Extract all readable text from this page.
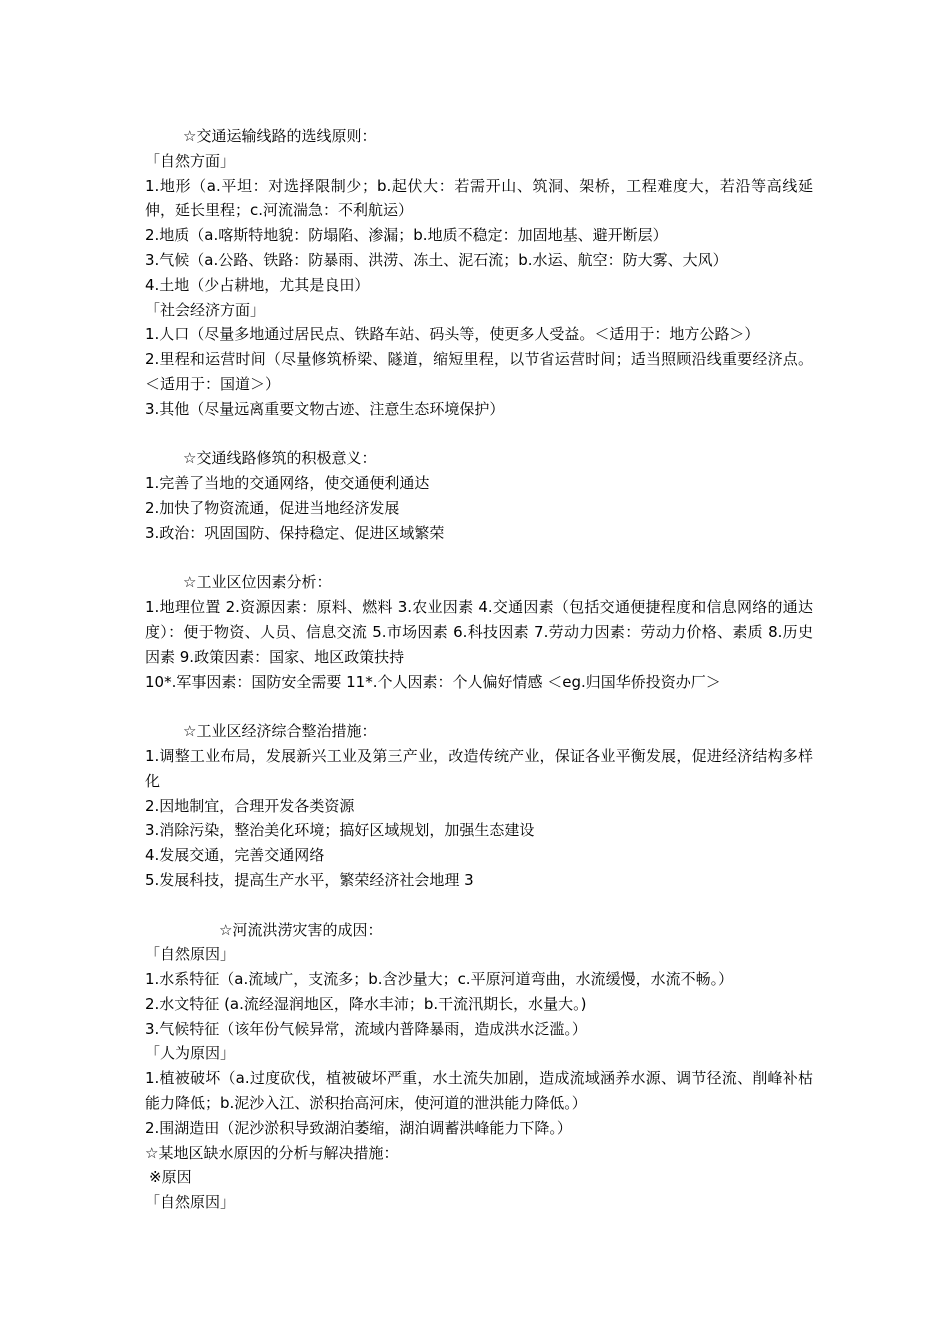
☆交通运输线路的选线原则：
「自然方面」
1.地形（a.平坦：对选择限制少；b.起伏大：若需开山、筑洞、架桥，工程难度大，若沿等高线延伸，延长里程；c.河流湍急：不利航运）
2.地质（a.喀斯特地貌：防塌陷、渗漏；b.地质不稳定：加固地基、避开断层）
3.气候（a.公路、铁路：防暴雨、洪涝、冻土、泥石流；b.水运、航空：防大雾、大风）
4.土地（少占耕地，尤其是良田）
「社会经济方面」
1.人口（尽量多地通过居民点、铁路车站、码头等，使更多人受益。＜适用于：地方公路＞）
2.里程和运营时间（尽量修筑桥梁、隧道，缩短里程，以节省运营时间；适当照顾沿线重要经济点。＜适用于：国道＞）
3.其他（尽量远离重要文物古迹、注意生态环境保护）
☆交通线路修筑的积极意义：
1.完善了当地的交通网络，使交通便利通达
2.加快了物资流通，促进当地经济发展
3.政治：巩固国防、保持稳定、促进区域繁荣
☆工业区位因素分析：
1.地理位置 2.资源因素：原料、燃料 3.农业因素 4.交通因素（包括交通便捷程度和信息网络的通达度）：便于物资、人员、信息交流 5.市场因素 6.科技因素 7.劳动力因素：劳动力价格、素质 8.历史因素 9.政策因素：国家、地区政策扶持
10*.军事因素：国防安全需要 11*.个人因素：个人偏好情感 ＜eg.归国华侨投资办厂＞
☆工业区经济综合整治措施：
1.调整工业布局，发展新兴工业及第三产业，改造传统产业，保证各业平衡发展，促进经济结构多样化
2.因地制宜，合理开发各类资源
3.消除污染，整治美化环境；搞好区域规划，加强生态建设
4.发展交通，完善交通网络
5.发展科技，提高生产水平，繁荣经济社会地理 3
☆河流洪涝灾害的成因：
「自然原因」
1.水系特征（a.流域广，支流多；b.含沙量大；c.平原河道弯曲，水流缓慢，水流不畅。）
2.水文特征 (a.流经湿润地区，降水丰沛；b.干流汛期长，水量大。)
3.气候特征（该年份气候异常，流域内普降暴雨，造成洪水泛滥。）
「人为原因」
1.植被破坏（a.过度砍伐，植被破坏严重，水土流失加剧，造成流域涵养水源、调节径流、削峰补枯能力降低；b.泥沙入江、淤积抬高河床，使河道的泄洪能力降低。）
2.围湖造田（泥沙淤积导致湖泊萎缩，湖泊调蓄洪峰能力下降。）
☆某地区缺水原因的分析与解决措施：
※原因
「自然原因」
